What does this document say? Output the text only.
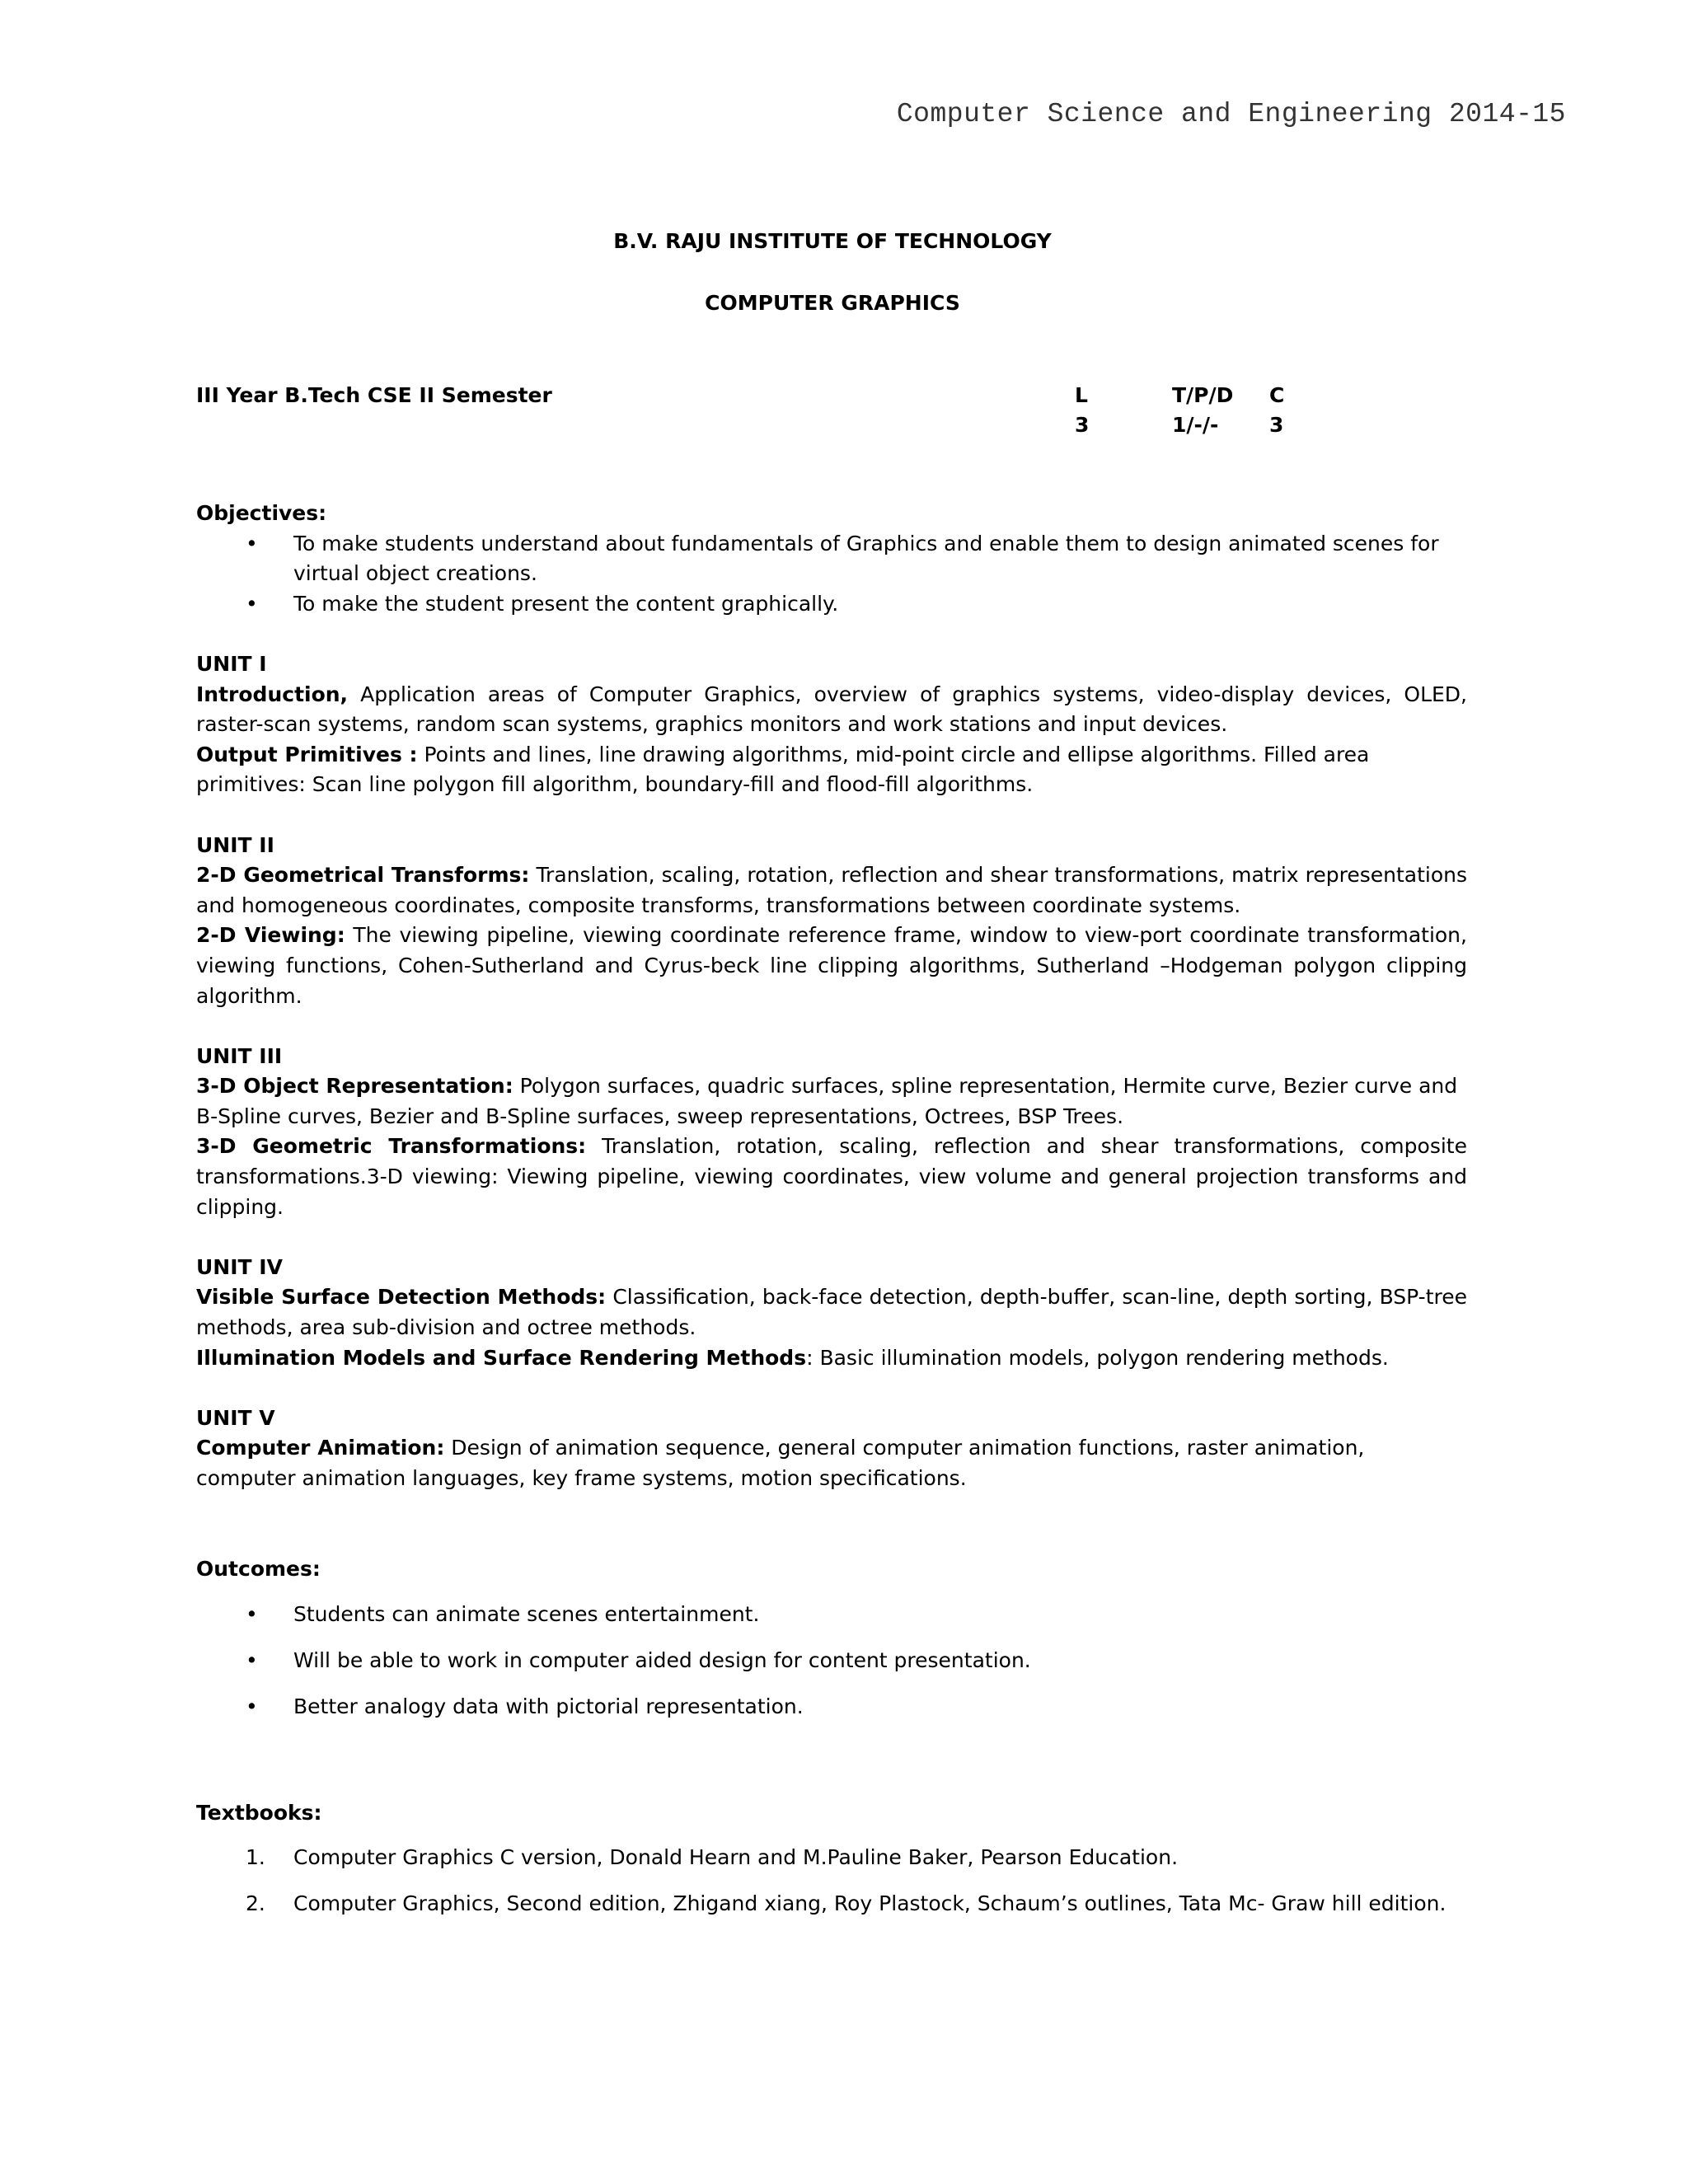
Computer Science and Engineering 2014-15
B.V. RAJU INSTITUTE OF TECHNOLOGY
COMPUTER GRAPHICS
III Year B.Tech CSE II Semester	L	T/P/D C
3	1/-/- 3

Objectives:

• To make students understand about fundamentals of Graphics and enable them to design animated scenes for virtual object creations.
• To make the student present the content graphically.

UNIT I

Introduction, Application areas of Computer Graphics, overview of graphics systems, video-display devices, OLED, raster-scan systems, random scan systems, graphics monitors and work stations and input devices.

Output Primitives : Points and lines, line drawing algorithms, mid-point circle and ellipse algorithms. Filled area primitives: Scan line polygon fill algorithm, boundary-fill and flood-fill algorithms.

UNIT II

2-D Geometrical Transforms: Translation, scaling, rotation, reflection and shear transformations, matrix representations and homogeneous coordinates, composite transforms, transformations between coordinate systems.

2-D Viewing: The viewing pipeline, viewing coordinate reference frame, window to view-port coordinate transformation, viewing functions, Cohen-Sutherland and Cyrus-beck line clipping algorithms, Sutherland –Hodgeman polygon clipping algorithm.

UNIT III

3-D Object Representation: Polygon surfaces, quadric surfaces, spline representation, Hermite curve, Bezier curve and B-Spline curves, Bezier and B-Spline surfaces, sweep representations, Octrees, BSP Trees.

3-D Geometric Transformations: Translation, rotation, scaling, reflection and shear transformations, composite transformations.3-D viewing: Viewing pipeline, viewing coordinates, view volume and general projection transforms and clipping.

UNIT IV

Visible Surface Detection Methods: Classification, back-face detection, depth-buffer, scan-line, depth sorting, BSP-tree methods, area sub-division and octree methods.

Illumination Models and Surface Rendering Methods: Basic illumination models, polygon rendering methods.

UNIT V

Computer Animation: Design of animation sequence, general computer animation functions, raster animation, computer animation languages, key frame systems, motion specifications.

Outcomes:

• Students can animate scenes entertainment.
• Will be able to work in computer aided design for content presentation.
• Better analogy data with pictorial representation.

Textbooks:

1. Computer Graphics C version, Donald Hearn and M.Pauline Baker, Pearson Education.
2. Computer Graphics, Second edition, Zhigand xiang, Roy Plastock, Schaum’s outlines, Tata Mc- Graw hill edition.
